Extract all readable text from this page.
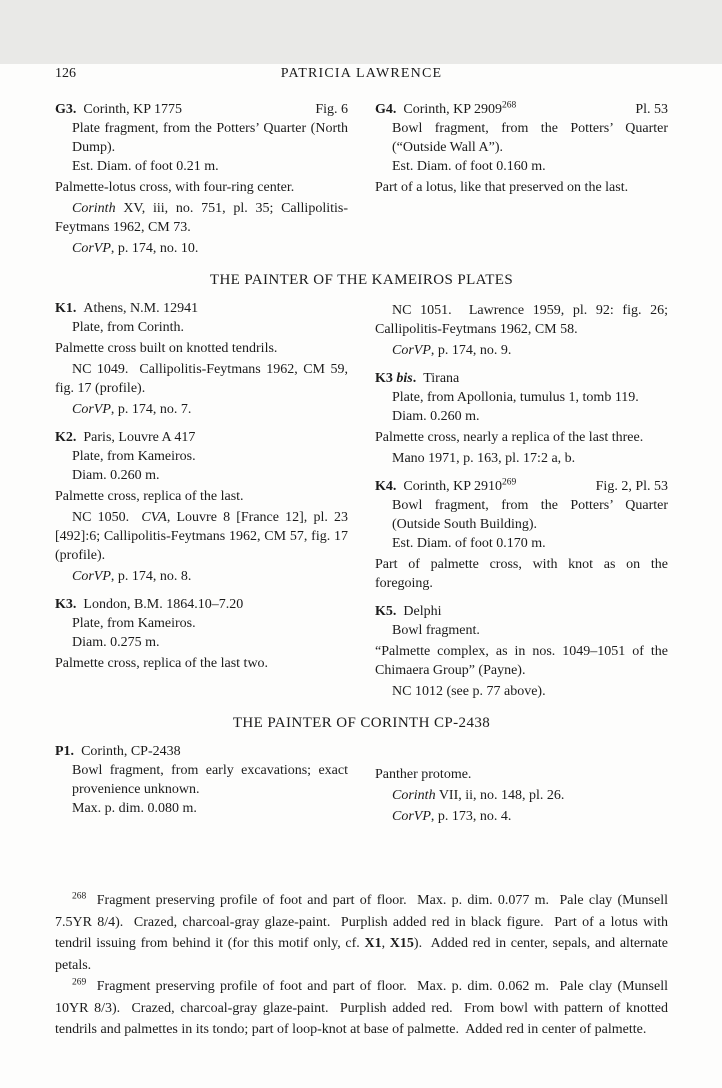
126	PATRICIA LAWRENCE
G3. Corinth, KP 1775	Fig. 6

Plate fragment, from the Potters’ Quarter (North Dump).

Est. Diam. of foot 0.21 m.

Palmette-lotus cross, with four-ring center.

Corinth XV, iii, no. 751, pl. 35; Callipolitis-Feytmans 1962, CM 73.

CorVP, p. 174, no. 10.

G4. Corinth, KP 2909$^{268}$	Pl. 53

Bowl fragment, from the Potters’ Quarter (“Outside Wall A”).

Est. Diam. of foot 0.160 m.

Part of a lotus, like that preserved on the last.

THE PAINTER OF THE KAMEIROS PLATES
K1. Athens, N.M. 12941

Plate, from Corinth.

Palmette cross built on knotted tendrils.

NC 1049.  Callipolitis-Feytmans 1962, CM 59, fig. 17 (profile).

CorVP, p. 174, no. 7.

K2. Paris, Louvre A 417

Plate, from Kameiros.

Diam. 0.260 m.

Palmette cross, replica of the last.

NC 1050.  CVA, Louvre 8 [France 12], pl. 23 [492]:6; Callipolitis-Feytmans 1962, CM 57, fig. 17 (profile).

CorVP, p. 174, no. 8.

K3. London, B.M. 1864.10–7.20

Plate, from Kameiros.

Diam. 0.275 m.

Palmette cross, replica of the last two.

NC 1051.  Lawrence 1959, pl. 92: fig. 26; Callipolitis-Feytmans 1962, CM 58.

CorVP, p. 174, no. 9.

K3 bis. Tirana

Plate, from Apollonia, tumulus 1, tomb 119.

Diam. 0.260 m.

Palmette cross, nearly a replica of the last three.

Mano 1971, p. 163, pl. 17:2 a, b.

K4. Corinth, KP 2910$^{269}$	Fig. 2, Pl. 53

Bowl fragment, from the Potters’ Quarter (Outside South Building).

Est. Diam. of foot 0.170 m.

Part of palmette cross, with knot as on the foregoing.

K5. Delphi

Bowl fragment.

“Palmette complex, as in nos. 1049–1051 of the Chimaera Group” (Payne).

NC 1012 (see p. 77 above).

THE PAINTER OF CORINTH CP-2438
P1. Corinth, CP-2438

Bowl fragment, from early excavations; exact provenience unknown.

Max. p. dim. 0.080 m.

Panther protome.

Corinth VII, ii, no. 148, pl. 26.

CorVP, p. 173, no. 4.

$^{268}$  Fragment preserving profile of foot and part of floor.  Max. p. dim. 0.077 m.  Pale clay (Munsell 7.5YR 8/4).  Crazed, charcoal-gray glaze-paint.  Purplish added red in black figure.  Part of a lotus with tendril issuing from behind it (for this motif only, cf. X1, X15).  Added red in center, sepals, and alternate petals.

$^{269}$  Fragment preserving profile of foot and part of floor.  Max. p. dim. 0.062 m.  Pale clay (Munsell 10YR 8/3).  Crazed, charcoal-gray glaze-paint.  Purplish added red.  From bowl with pattern of knotted tendrils and palmettes in its tondo; part of loop-knot at base of palmette.  Added red in center of palmette.
